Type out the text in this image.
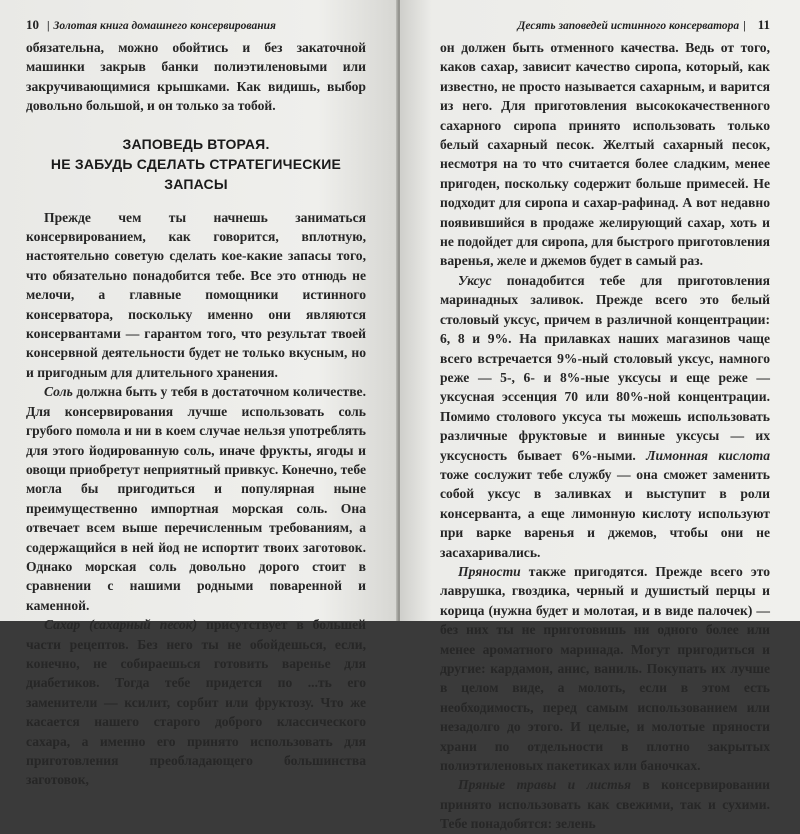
10 | Золотая книга домашнего консервирования

обязательна, можно обойтись и без закаточной машинки закрыв банки полиэтиленовыми или закручивающимися крышками. Как видишь, выбор довольно большой, и он только за тобой.

ЗАПОВЕДЬ ВТОРАЯ.
НЕ ЗАБУДЬ СДЕЛАТЬ СТРАТЕГИЧЕСКИЕ ЗАПАСЫ

Прежде чем ты начнешь заниматься консервированием, как говорится, вплотную, настоятельно советую сделать кое-какие запасы того, что обязательно понадобится тебе. Все это отнюдь не мелочи, а главные помощники истинного консерватора, поскольку именно они являются консервантами — гарантом того, что результат твоей консервной деятельности будет не только вкусным, но и пригодным для длительного хранения.

Соль должна быть у тебя в достаточном количестве. Для консервирования лучше использовать соль грубого помола и ни в коем случае нельзя употреблять для этого йодированную соль, иначе фрукты, ягоды и овощи приобретут неприятный привкус. Конечно, тебе могла бы пригодиться и популярная ныне преимущественно импортная морская соль. Она отвечает всем выше перечисленным требованиям, а содержащийся в ней йод не испортит твоих заготовок. Однако морская соль довольно дорого стоит в сравнении с нашими родными поваренной и каменной.

Сахар (сахарный песок) присутствует в большей части рецептов. Без него ты не обойдешься, если, конечно, не собираешься готовить варенье для диабетиков. Тогда тебе придется по ...ть его заменители — ксилит, сорбит или фруктозу. Что же касается нашего старого доброго классического сахара, а именно его принято использовать для приготовления преобладающего большинства заготовок,

Десять заповедей истинного консерватора | 11

он должен быть отменного качества. Ведь от того, каков сахар, зависит качество сиропа, который, как известно, не просто называется сахарным, и варится из него. Для приготовления высококачественного сахарного сиропа принято использовать только белый сахарный песок. Желтый сахарный песок, несмотря на то что считается более сладким, менее пригоден, поскольку содержит больше примесей. Не подходит для сиропа и сахар-рафинад. А вот недавно появившийся в продаже желирующий сахар, хоть и не подойдет для сиропа, для быстрого приготовления варенья, желе и джемов будет в самый раз.

Уксус понадобится тебе для приготовления маринадных заливок. Прежде всего это белый столовый уксус, причем в различной концентрации: 6, 8 и 9%. На прилавках наших магазинов чаще всего встречается 9%-ный столовый уксус, намного реже — 5-, 6- и 8%-ные уксусы и еще реже — уксусная эссенция 70 или 80%-ной концентрации. Помимо столового уксуса ты можешь использовать различные фруктовые и винные уксусы — их уксусность бывает 6%-ными. Лимонная кислота тоже сослужит тебе службу — она сможет заменить собой уксус в заливках и выступит в роли консерванта, а еще лимонную кислоту используют при варке варенья и джемов, чтобы они не засахаривались.

Пряности также пригодятся. Прежде всего это лаврушка, гвоздика, черный и душистый перцы и корица (нужна будет и молотая, и в виде палочек) — без них ты не приготовишь ни одного более или менее ароматного маринада. Могут пригодиться и другие: кардамон, анис, ваниль. Покупать их лучше в целом виде, а молоть, если в этом есть необходимость, перед самым использованием или незадолго до этого. И целые, и молотые пряности храни по отдельности в плотно закрытых полиэтиленовых пакетиках или баночках.

Пряные травы и листья в консервировании принято использовать как свежими, так и сухими. Тебе понадобятся: зелень
